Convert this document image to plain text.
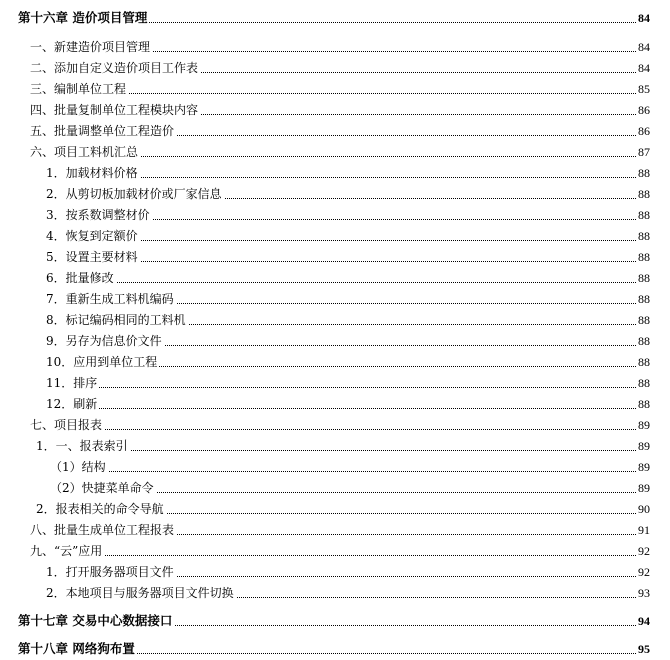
第十六章 造价项目管理	84
一、新建造价项目管理	84
二、添加自定义造价项目工作表	84
三、编制单位工程	85
四、批量复制单位工程模块内容	86
五、批量调整单位工程造价	86
六、项目工料机汇总	87
1．加载材料价格	88
2．从剪切板加载材价或厂家信息	88
3．按系数调整材价	88
4．恢复到定额价	88
5．设置主要材料	88
6．批量修改	88
7．重新生成工料机编码	88
8．标记编码相同的工料机	88
9．另存为信息价文件	88
10．应用到单位工程	88
11．排序	88
12．刷新	88
七、项目报表	89
1．一、报表索引	89
（1）结构	89
（2）快捷菜单命令	89
2．报表相关的命令导航	90
八、批量生成单位工程报表	91
九、“云”应用	92
1．打开服务器项目文件	92
2．本地项目与服务器项目文件切换	93
第十七章 交易中心数据接口	94
第十八章 网络狗布置	95
